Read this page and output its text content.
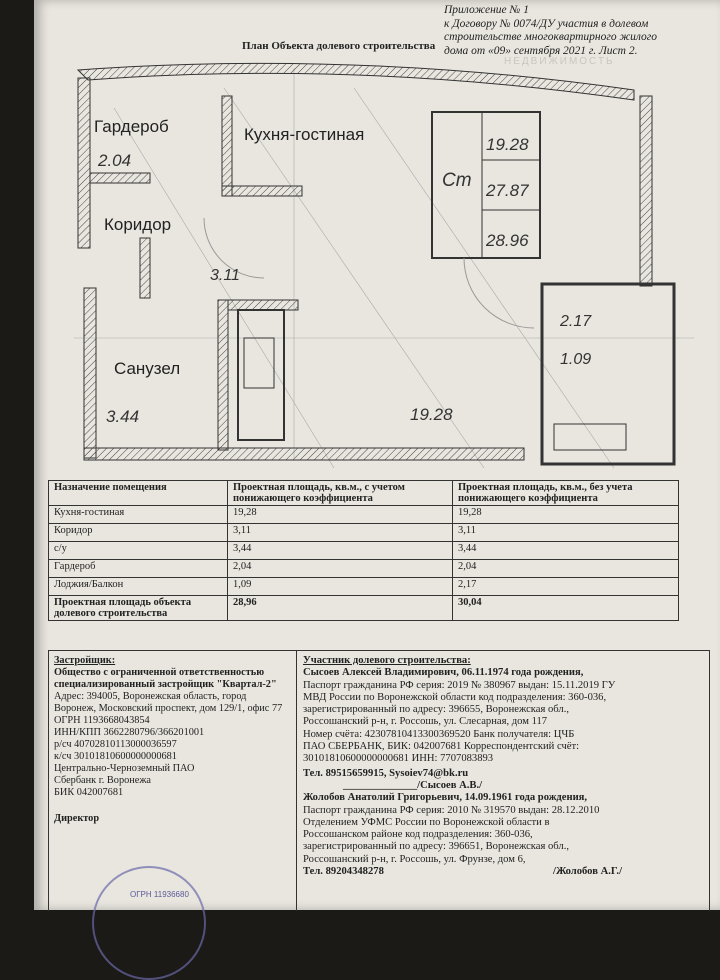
Приложение № 1
к Договору № 0074/ДУ участия в долевом
строительстве многоквартирного жилого
дома от «09» сентября 2021 г. Лист 2.
План Объекта долевого строительства
НЕДВИЖИМОСТЬ
Гардероб	Кухня-гостиная
Коридор
Санузел
2.04
3.11
3.44	19.28
Ст
19.28
27.87
28.96
2.17
1.09
Назначение помещения	Проектная площадь, кв.м., с учетом понижающего коэффициента	Проектная площадь, кв.м., без учета понижающего коэффициента
Кухня-гостиная	19,28	19,28
Коридор	3,11	3,11
с/у	3,44	3,44
Гардероб	2,04	2,04
Лоджия/Балкон	1,09	2,17
Проектная площадь объекта долевого строительства	28,96	30,04
Застройщик:
Общество с ограниченной ответственностью специализированный застройщик "Квартал-2"
Адрес: 394005, Воронежская область, город Воронеж, Московский проспект, дом 129/1, офис 77
ОГРН 1193668043854
ИНН/КПП 3662280796/366201001
р/сч 40702810113000036597
к/сч 30101810600000000681
Центрально-Черноземный ПАО
Сбербанк г. Воронежа
БИК 042007681
Директор
Участник долевого строительства:
Сысоев Алексей Владимирович, 06.11.1974 года рождения,
Паспорт гражданина РФ серия: 2019 № 380967 выдан: 15.11.2019 ГУ
МВД России по Воронежской области код подразделения: 360-036,
зарегистрированный по адресу: 396655, Воронежская обл.,
Россошанский р-н, г. Россошь, ул. Слесарная, дом 117
Номер счёта: 42307810413300369520 Банк получателя: ЦЧБ
ПАО СБЕРБАНК, БИК: 042007681 Корреспондентский счёт:
30101810600000000681 ИНН: 7707083893
Тел. 89515659915, Sysoiev74@bk.ru
______________/Сысоев А.В./
Жолобов Анатолий Григорьевич, 14.09.1961 года рождения,
Паспорт гражданина РФ серия: 2010 № 319570 выдан: 28.12.2010
Отделением УФМС России по Воронежской области в
Россошанском районе код подразделения: 360-036,
зарегистрированный по адресу: 396651, Воронежская обл.,
Россошанский р-н, г. Россошь, ул. Фрунзе, дом 6,
Тел. 89204348278	/Жолобов А.Г./
ОГРН 11936680
